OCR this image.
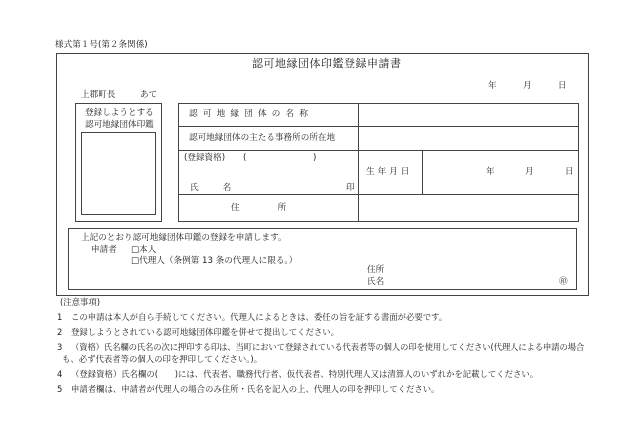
様式第１号(第２条関係)
認可地縁団体印鑑登録申請書
年	月	日
上郡町長	あて
登録しようとする
認可地縁団体印鑑
認可地縁団体の名称
認可地縁団体の主たる事務所の所在地
(登録資格) (	)
氏名	印
生年月日	年	月	日
住所
上記のとおり認可地縁団体印鑑の登録を申請します。
申請者 □本人
□代理人（条例第 13 条の代理人に限る。）
住所
氏名	㊞
(注意事項)
1 この申請は本人が自ら手続してください。代理人によるときは、委任の旨を証する書面が必要です。
2 登録しようとされている認可地縁団体印鑑を併せて提出してください。
3 （資格）氏名欄の氏名の次に押印する印は、当町において登録されている代表者等の個人の印を使用してください(代理人による申請の場合
も、必ず代表者等の個人の印を押印してください。)。
4 （登録資格）氏名欄の(　　)には、代表者、職務代行者、仮代表者、特別代理人又は清算人のいずれかを記載してください。
5 申請者欄は、申請者が代理人の場合のみ住所・氏名を記入の上、代理人の印を押印してください。
